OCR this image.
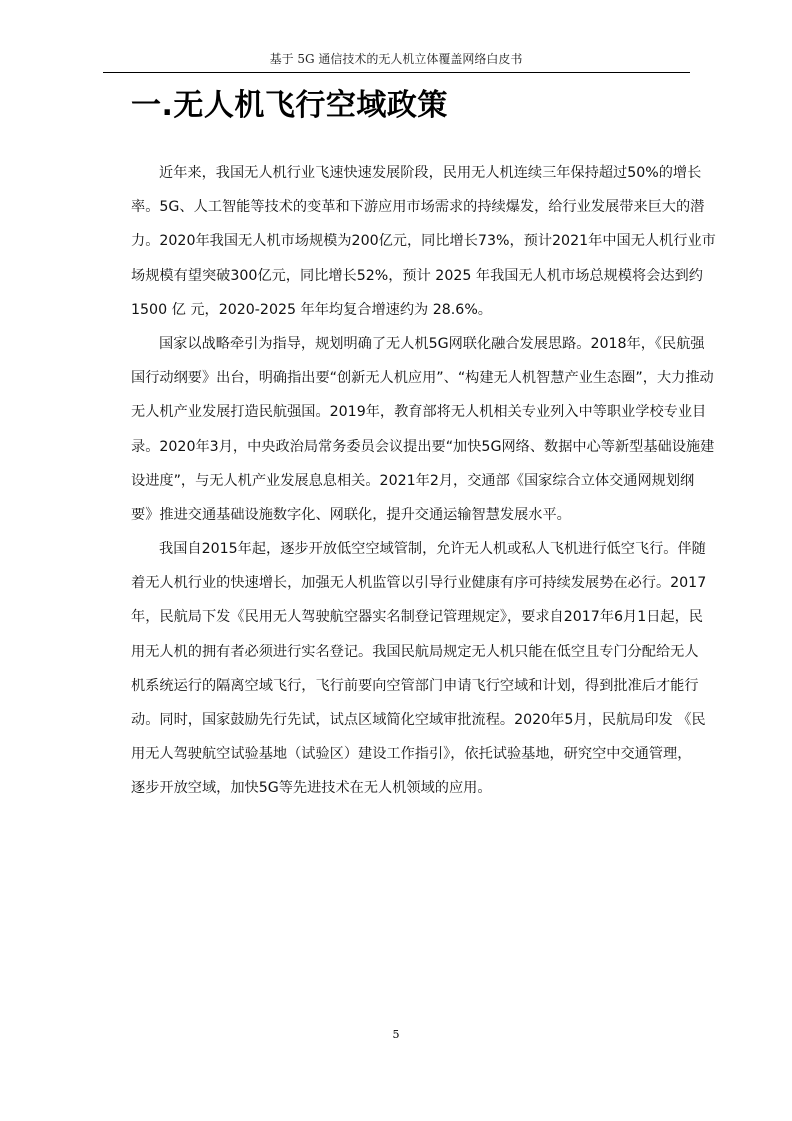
基于 5G 通信技术的无人机立体覆盖网络白皮书
一.无人机飞行空域政策
近年来，我国无人机行业飞速快速发展阶段，民用无人机连续三年保持超过50%的增长
率。5G、人工智能等技术的变革和下游应用市场需求的持续爆发，给行业发展带来巨大的潜
力。2020年我国无人机市场规模为200亿元，同比增长73%，预计2021年中国无人机行业市
场规模有望突破300亿元，同比增长52%，预计 2025 年我国无人机市场总规模将会达到约
1500 亿 元，2020-2025 年年均复合增速约为 28.6%。
国家以战略牵引为指导，规划明确了无人机5G网联化融合发展思路。2018年，《民航强
国行动纲要》出台，明确指出要“创新无人机应用”、“构建无人机智慧产业生态圈”，大力推动
无人机产业发展打造民航强国。2019年，教育部将无人机相关专业列入中等职业学校专业目
录。2020年3月，中央政治局常务委员会议提出要“加快5G网络、数据中心等新型基础设施建
设进度”，与无人机产业发展息息相关。2021年2月，交通部《国家综合立体交通网规划纲
要》推进交通基础设施数字化、网联化，提升交通运输智慧发展水平。
我国自2015年起，逐步开放低空空域管制，允许无人机或私人飞机进行低空飞行。伴随
着无人机行业的快速增长，加强无人机监管以引导行业健康有序可持续发展势在必行。2017
年，民航局下发《民用无人驾驶航空器实名制登记管理规定》，要求自2017年6月1日起，民
用无人机的拥有者必须进行实名登记。我国民航局规定无人机只能在低空且专门分配给无人
机系统运行的隔离空域飞行，飞行前要向空管部门申请飞行空域和计划，得到批准后才能行
动。同时，国家鼓励先行先试，试点区域简化空域审批流程。2020年5月，民航局印发 《民
用无人驾驶航空试验基地（试验区）建设工作指引》，依托试验基地，研究空中交通管理，
逐步开放空域，加快5G等先进技术在无人机领域的应用。
5
